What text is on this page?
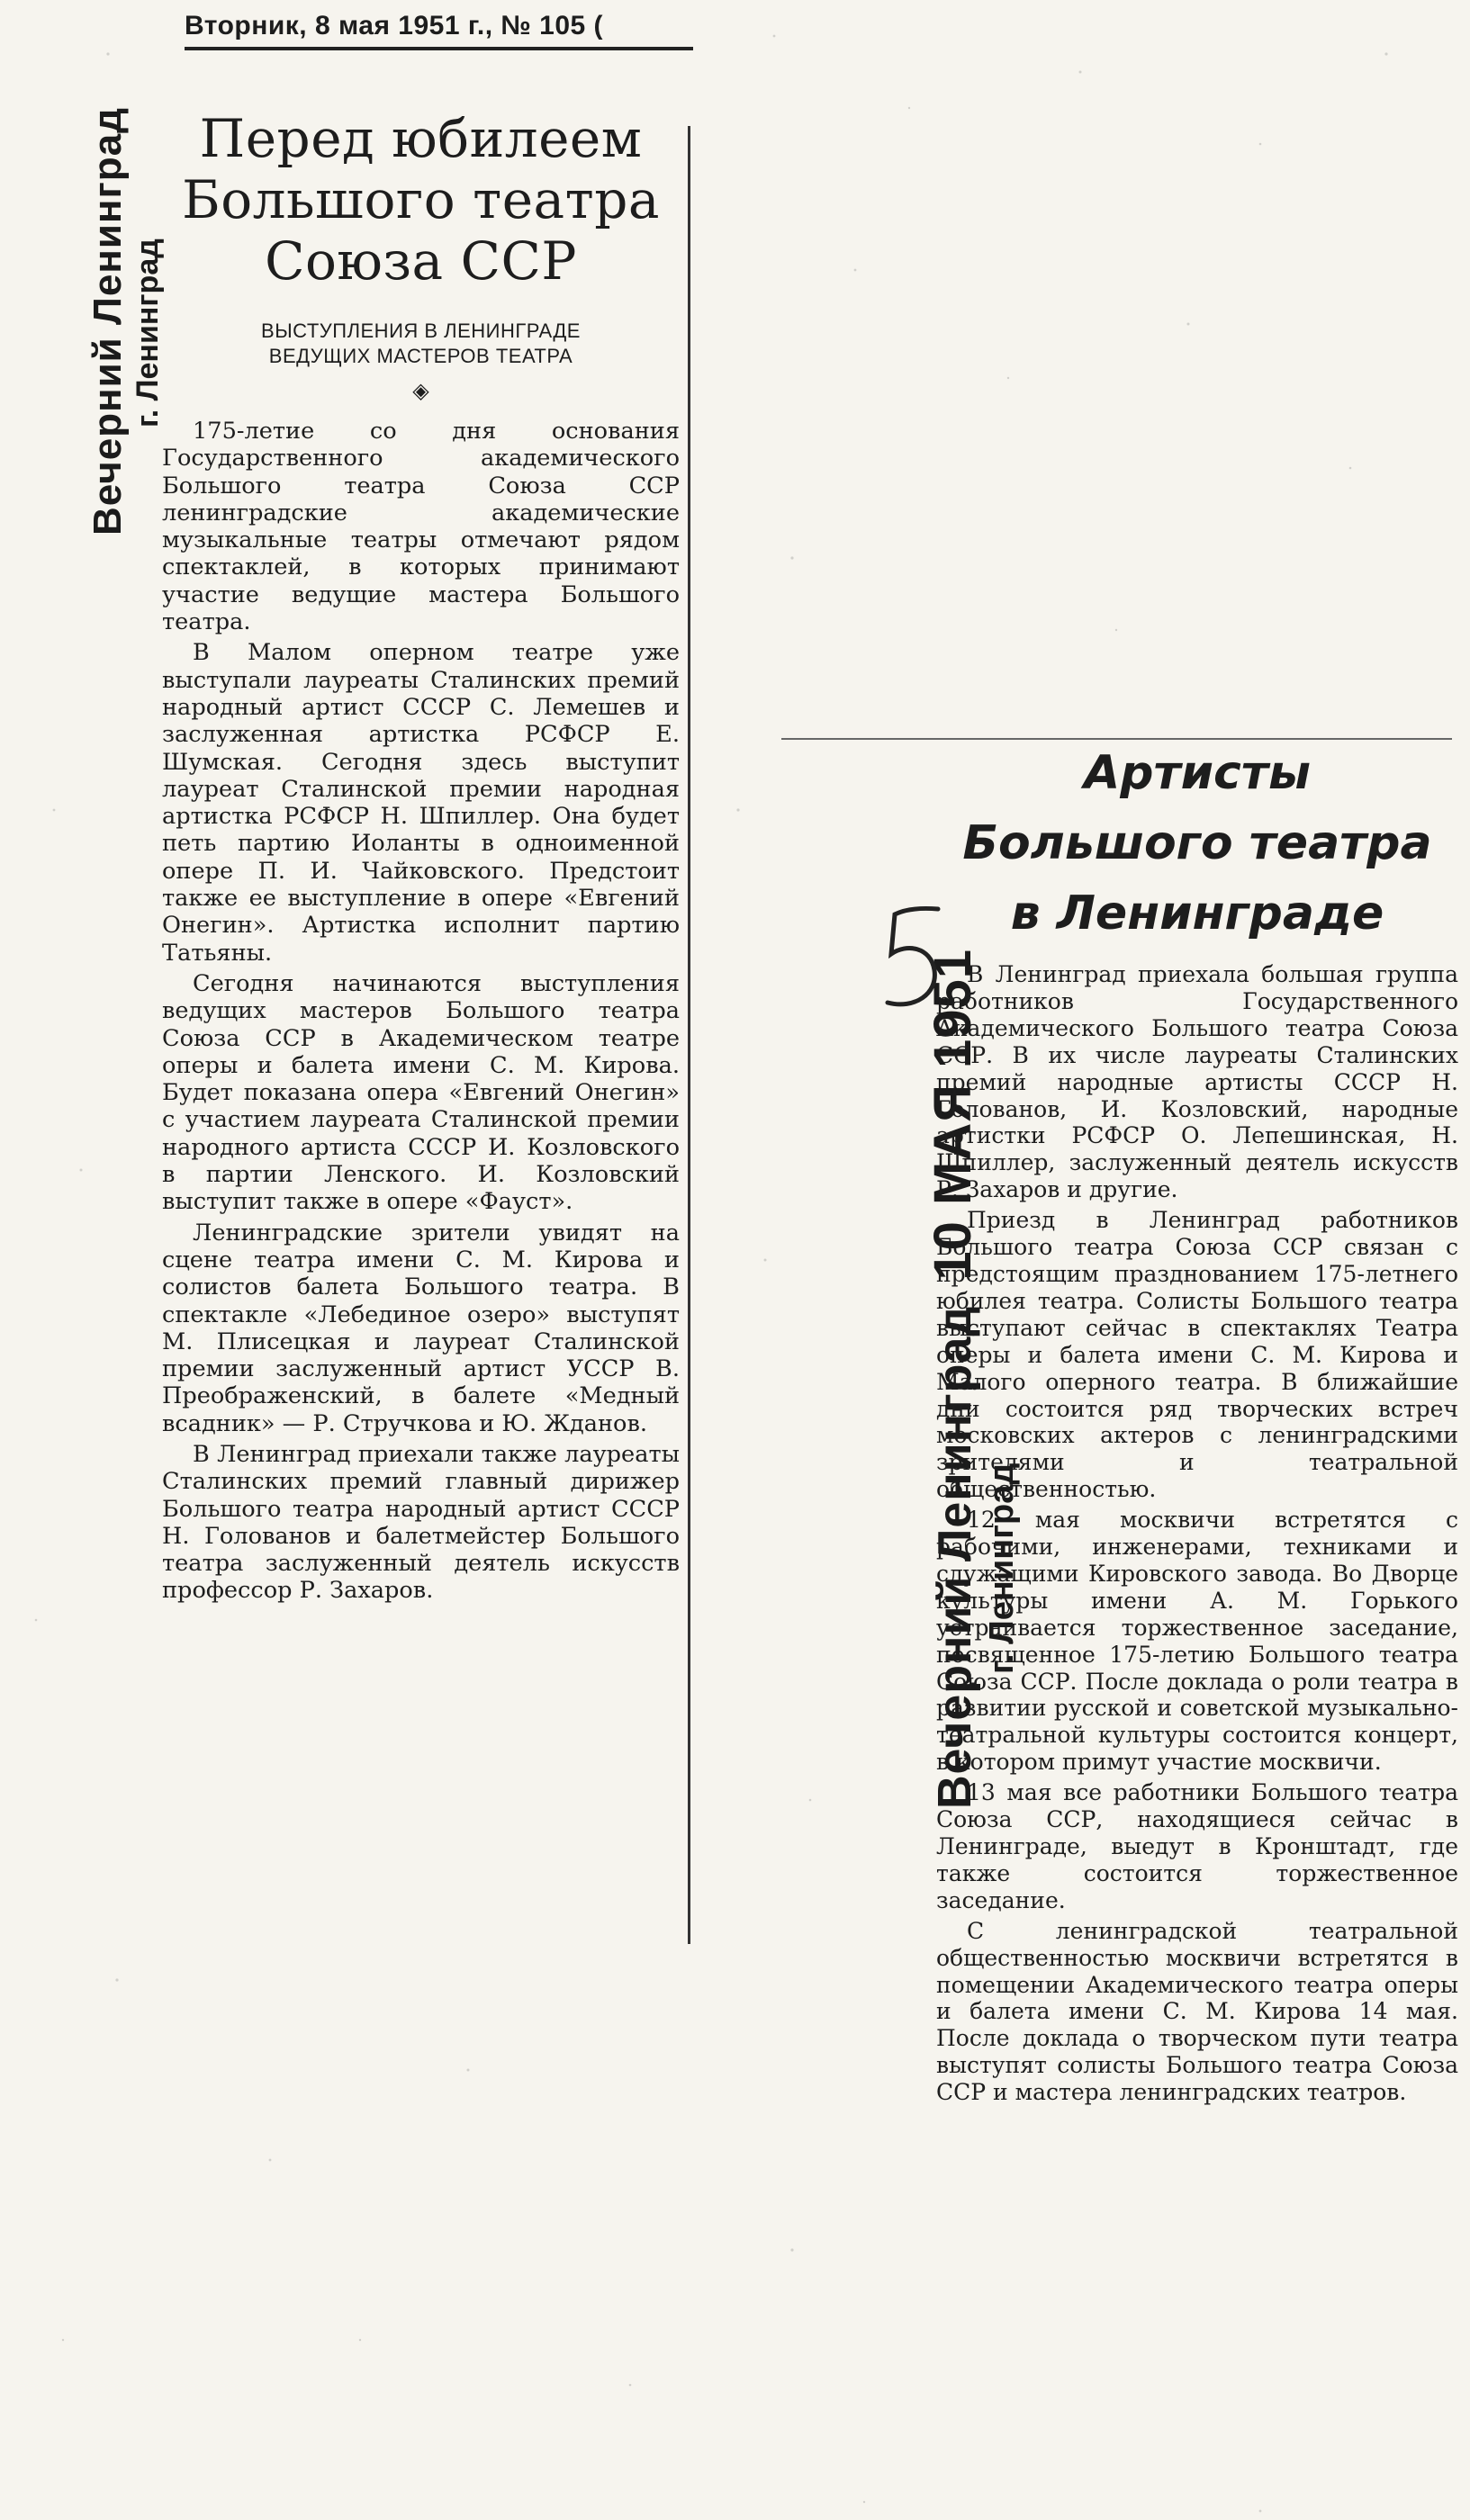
Вторник, 8 мая 1951 г., № 105 (
Вечерний Ленинград г. Ленинград
Перед юбилеем
Большого театра
Союза ССР
ВЫСТУПЛЕНИЯ В ЛЕНИНГРАДЕ
ВЕДУЩИХ МАСТЕРОВ ТЕАТРА
◈

175-летие со дня основания Государственного академического Большого театра Союза ССР ленинградские академические музыкальные театры отмечают рядом спектаклей, в которых принимают участие ведущие мастера Большого театра.

В Малом оперном театре уже выступали лауреаты Сталинских премий народный артист СССР С. Лемешев и заслуженная артистка РСФСР Е. Шумская. Сегодня здесь выступит лауреат Сталинской премии народная артистка РСФСР Н. Шпиллер. Она будет петь партию Иоланты в одноименной опере П. И. Чайковского. Предстоит также ее выступление в опере «Евгений Онегин». Артистка исполнит партию Татьяны.

Сегодня начинаются выступления ведущих мастеров Большого театра Союза ССР в Академическом театре оперы и балета имени С. М. Кирова. Будет показана опера «Евгений Онегин» с участием лауреата Сталинской премии народного артиста СССР И. Козловского в партии Ленского. И. Козловский выступит также в опере «Фауст».

Ленинградские зрители увидят на сцене театра имени С. М. Кирова и солистов балета Большого театра. В спектакле «Лебединое озеро» выступят М. Плисецкая и лауреат Сталинской премии заслуженный артист УССР В. Преображенский, в балете «Медный всадник» — Р. Стручкова и Ю. Жданов.

В Ленинград приехали также лауреаты Сталинских премий главный дирижер Большого театра народный артист СССР Н. Голованов и балетмейстер Большого театра заслуженный деятель искусств профессор Р. Захаров.	Вечерний Ленинград10 МАЯ 1951
г. Ленинград
5
Артисты
Большого театра
в Ленинграде

В Ленинград приехала большая группа работников Государственного Академического Большого театра Союза ССР. В их числе лауреаты Сталинских премий народные артисты СССР Н. Голованов, И. Козловский, народные артистки РСФСР О. Лепешинская, Н. Шпиллер, заслуженный деятель искусств Р. Захаров и другие.

Приезд в Ленинград работников Большого театра Союза ССР связан с предстоящим празднованием 175-летнего юбилея театра. Солисты Большого театра выступают сейчас в спектаклях Театра оперы и балета имени С. М. Кирова и Малого оперного театра. В ближайшие дни состоится ряд творческих встреч московских актеров с ленинградскими зрителями и театральной общественностью.

12 мая москвичи встретятся с рабочими, инженерами, техниками и служащими Кировского завода. Во Дворце культуры имени А. М. Горького устраивается торжественное заседание, посвященное 175-летию Большого театра Союза ССР. После доклада о роли театра в развитии русской и советской музыкально-театральной культуры состоится концерт, в котором примут участие москвичи.

13 мая все работники Большого театра Союза ССР, находящиеся сейчас в Ленинграде, выедут в Кронштадт, где также состоится торжественное заседание.

С ленинградской театральной общественностью москвичи встретятся в помещении Академического театра оперы и балета имени С. М. Кирова 14 мая. После доклада о творческом пути театра выступят солисты Большого театра Союза ССР и мастера ленинградских театров.
